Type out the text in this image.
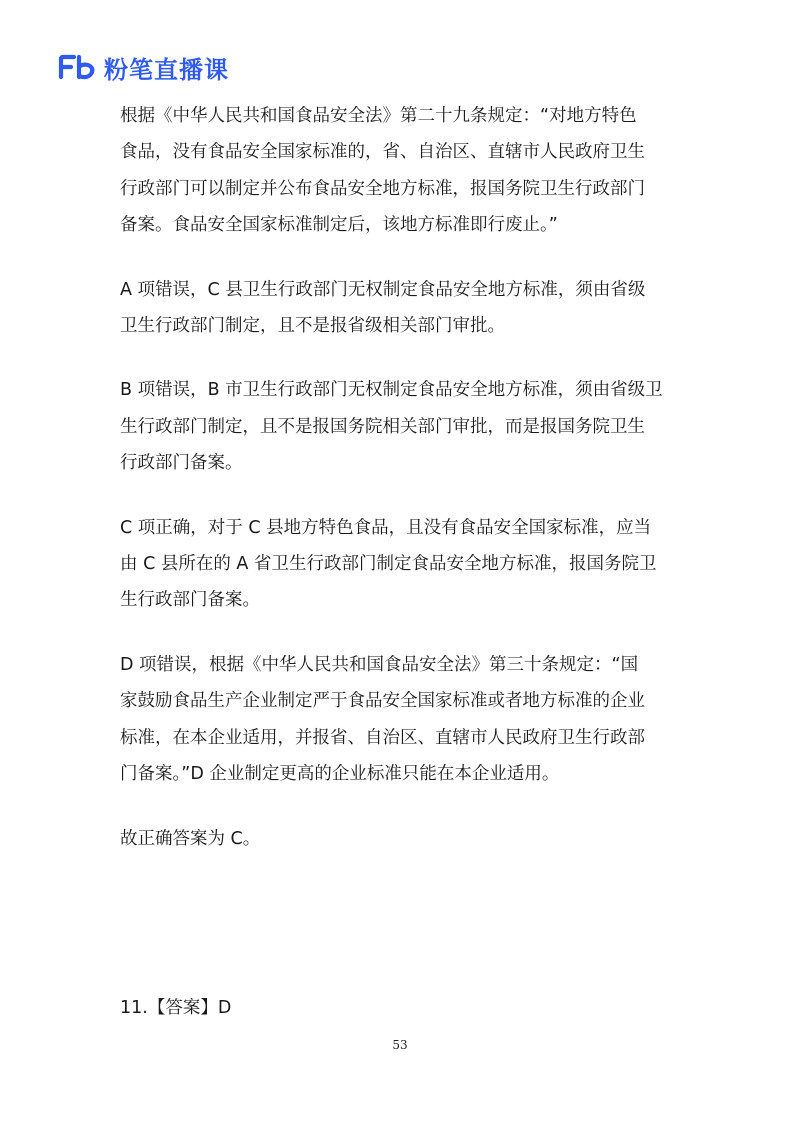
粉笔直播课

根据《中华人民共和国食品安全法》第二十九条规定：“对地方特色
食品，没有食品安全国家标准的，省、自治区、直辖市人民政府卫生
行政部门可以制定并公布食品安全地方标准，报国务院卫生行政部门
备案。食品安全国家标准制定后，该地方标准即行废止。”

A 项错误，C 县卫生行政部门无权制定食品安全地方标准，须由省级
卫生行政部门制定，且不是报省级相关部门审批。

B 项错误，B 市卫生行政部门无权制定食品安全地方标准，须由省级卫
生行政部门制定，且不是报国务院相关部门审批，而是报国务院卫生
行政部门备案。

C 项正确，对于 C 县地方特色食品，且没有食品安全国家标准，应当
由 C 县所在的 A 省卫生行政部门制定食品安全地方标准，报国务院卫
生行政部门备案。

D 项错误，根据《中华人民共和国食品安全法》第三十条规定：“国
家鼓励食品生产企业制定严于食品安全国家标准或者地方标准的企业
标准，在本企业适用，并报省、自治区、直辖市人民政府卫生行政部
门备案。”D 企业制定更高的企业标准只能在本企业适用。

故正确答案为 C。

11.【答案】D
53
